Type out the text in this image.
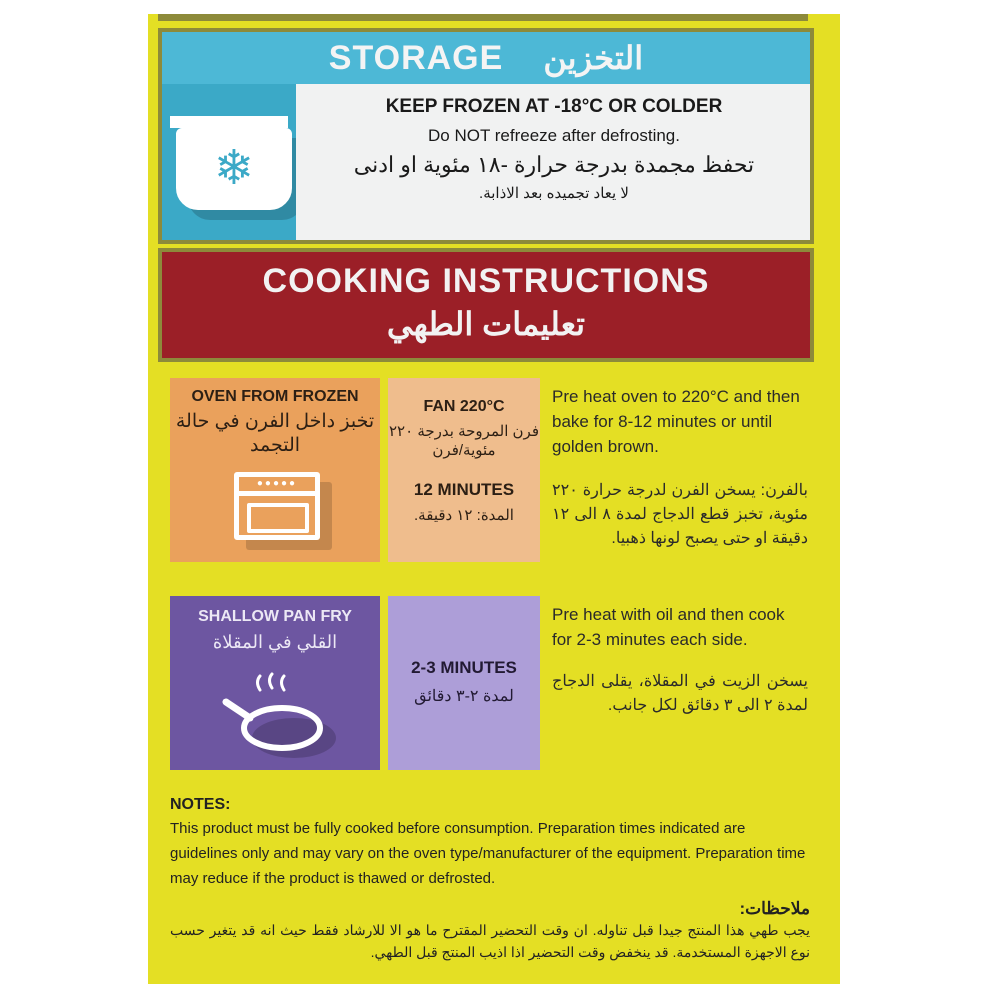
STORAGE التخزين
❄
KEEP FROZEN AT -18°C OR COLDER
Do NOT refreeze after defrosting.
تحفظ مجمدة بدرجة حرارة -١٨ مئوية او ادنى
لا يعاد تجميده بعد الاذابة.
COOKING INSTRUCTIONS
تعليمات الطهي
OVEN FROM FROZEN
تخبز داخل الفرن في حالة التجمد
●●●●●
FAN 220°C
فرن المروحة بدرجة ٢٢٠ مئوية/فرن
12 MINUTES
المدة: ١٢ دقيقة.
Pre heat oven to 220°C and then bake for 8-12 minutes or until golden brown.
بالفرن: يسخن الفرن لدرجة حرارة ٢٢٠ مئوية، تخبز قطع الدجاج لمدة ٨ الى ١٢ دقيقة او حتى يصبح لونها ذهبيا.
SHALLOW PAN FRY
القلي في المقلاة
2-3 MINUTES
لمدة ٢-٣ دقائق
Pre heat with oil and then cook for 2-3 minutes each side.
يسخن الزيت في المقلاة، يقلى الدجاج لمدة ٢ الى ٣ دقائق لكل جانب.
NOTES:
This product must be fully cooked before consumption. Preparation times indicated are guidelines only and may vary on the oven type/manufacturer of the equipment. Preparation time may reduce if the product is thawed or defrosted.
ملاحظات:
يجب طهي هذا المنتج جيدا قبل تناوله. ان وقت التحضير المقترح ما هو الا للارشاد فقط حيث انه قد يتغير حسب نوع الاجهزة المستخدمة. قد ينخفض وقت التحضير اذا اذيب المنتج قبل الطهي.
